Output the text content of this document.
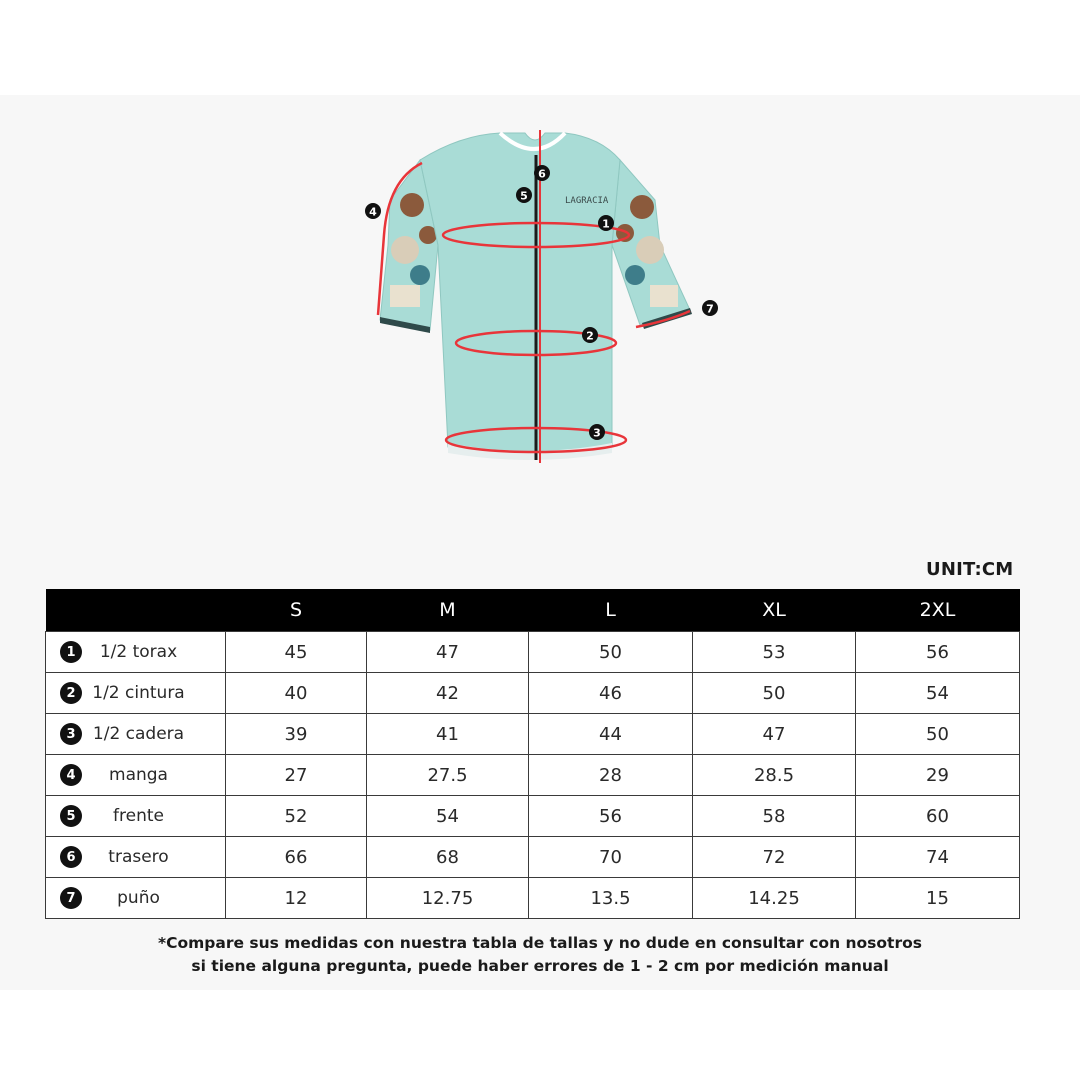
LAGRACIA
1
2
3
4
5
6
7
UNIT:CM
	S	M	L	XL	2XL

1 1/2 torax	45	47	50	53	56

2 1/2 cintura	40	42	46	50	54

3 1/2 cadera	39	41	44	47	50

4 manga	27	27.5	28	28.5	29

5 frente	52	54	56	58	60

6 trasero	66	68	70	72	74

7 puño	12	12.75	13.5	14.25	15
*Compare sus medidas con nuestra tabla de tallas y no dude en consultar con nosotros
si tiene alguna pregunta, puede haber errores de 1 - 2 cm por medición manual
